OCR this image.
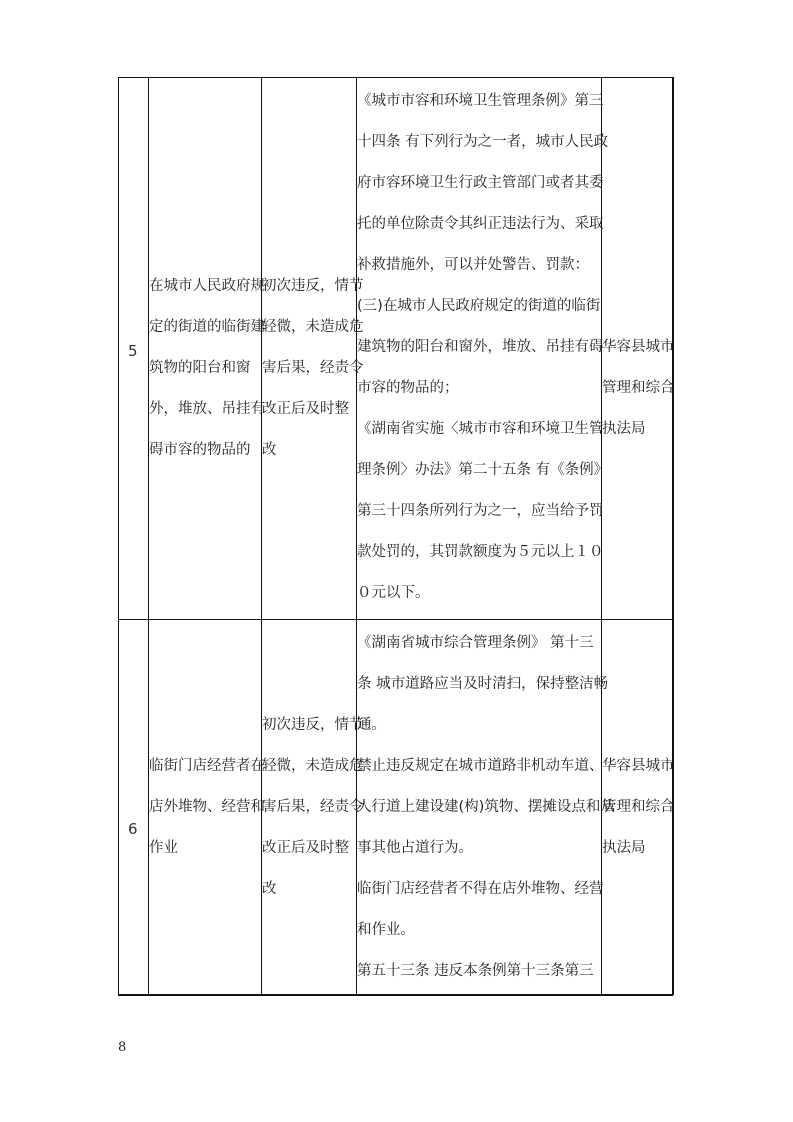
5
在城市人民政府规
定的街道的临街建
筑物的阳台和窗
外，堆放、吊挂有
碍市容的物品的
初次违反，情节
轻微，未造成危
害后果，经责令
改正后及时整
改
《城市市容和环境卫生管理条例》第三
十四条 有下列行为之一者，城市人民政
府市容环境卫生行政主管部门或者其委
托的单位除责令其纠正违法行为、采取
补救措施外，可以并处警告、罚款：
(三)在城市人民政府规定的街道的临街
建筑物的阳台和窗外，堆放、吊挂有碍
市容的物品的；
《湖南省实施〈城市市容和环境卫生管
理条例〉办法》第二十五条 有《条例》
第三十四条所列行为之一，应当给予罚
款处罚的，其罚款额度为５元以上１０
０元以下。
华容县城市
管理和综合
执法局
6
临街门店经营者在
店外堆物、经营和
作业
初次违反，情节
轻微，未造成危
害后果，经责令
改正后及时整
改
《湖南省城市综合管理条例》 第十三
条 城市道路应当及时清扫，保持整洁畅
通。
禁止违反规定在城市道路非机动车道、
人行道上建设建(构)筑物、摆摊设点和从
事其他占道行为。
临街门店经营者不得在店外堆物、经营
和作业。
第五十三条 违反本条例第十三条第三
华容县城市
管理和综合
执法局
8
